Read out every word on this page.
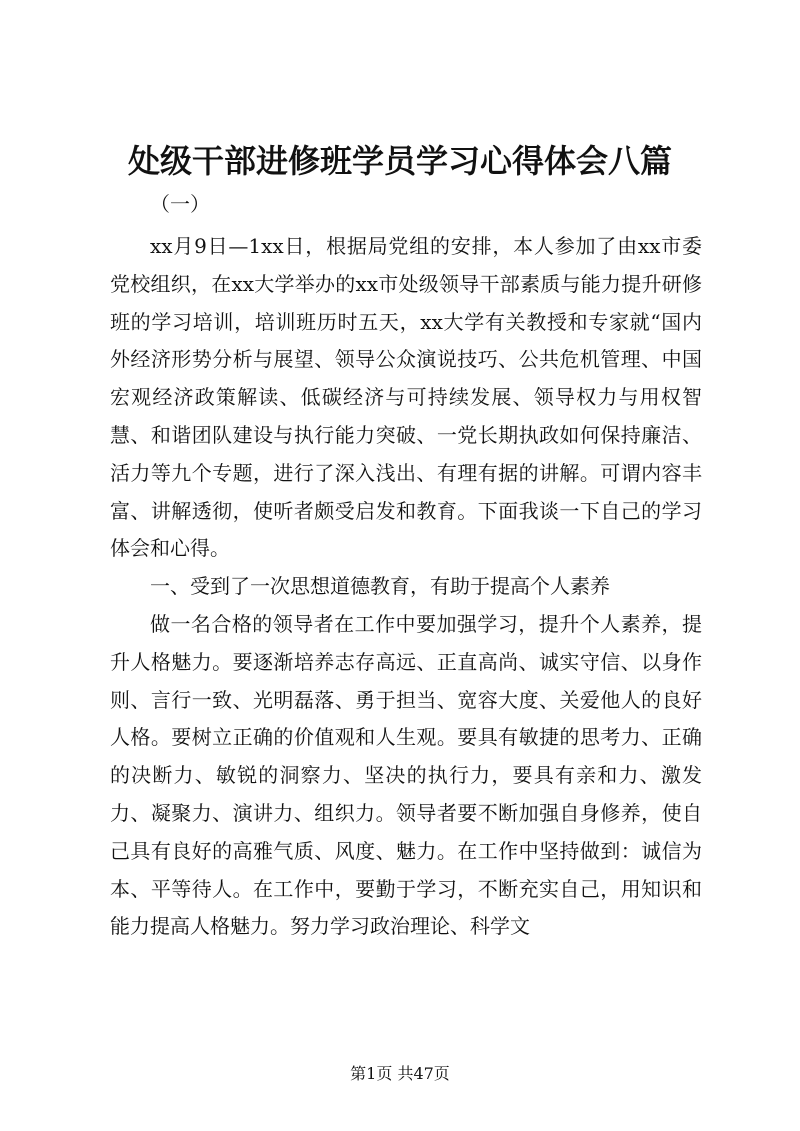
处级干部进修班学员学习心得体会八篇
（一）

xx月9日—1xx日，根据局党组的安排，本人参加了由xx市委党校组织，在xx大学举办的xx市处级领导干部素质与能力提升研修班的学习培训，培训班历时五天，xx大学有关教授和专家就“国内外经济形势分析与展望、领导公众演说技巧、公共危机管理、中国宏观经济政策解读、低碳经济与可持续发展、领导权力与用权智慧、和谐团队建设与执行能力突破、一党长期执政如何保持廉洁、活力等九个专题，进行了深入浅出、有理有据的讲解。可谓内容丰富、讲解透彻，使听者颇受启发和教育。下面我谈一下自己的学习体会和心得。

一、受到了一次思想道德教育，有助于提高个人素养

做一名合格的领导者在工作中要加强学习，提升个人素养，提升人格魅力。要逐渐培养志存高远、正直高尚、诚实守信、以身作则、言行一致、光明磊落、勇于担当、宽容大度、关爱他人的良好人格。要树立正确的价值观和人生观。要具有敏捷的思考力、正确的决断力、敏锐的洞察力、坚决的执行力，要具有亲和力、激发力、凝聚力、演讲力、组织力。领导者要不断加强自身修养，使自己具有良好的高雅气质、风度、魅力。在工作中坚持做到：诚信为本、平等待人。在工作中，要勤于学习，不断充实自己，用知识和能力提高人格魅力。努力学习政治理论、科学文

第1页 共47页
